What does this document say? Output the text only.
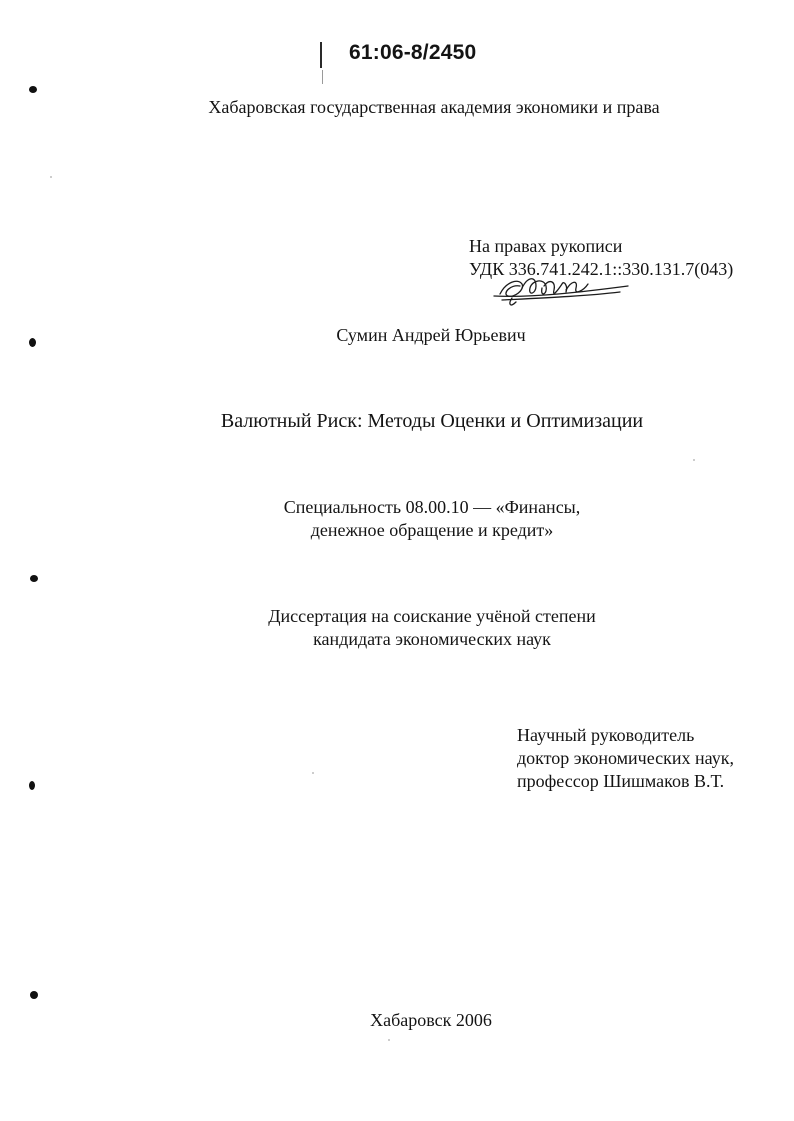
61:06-8/2450
Хабаровская государственная академия экономики и права
На правах рукописи
УДК 336.741.242.1::330.131.7(043)
Сумин Андрей Юрьевич
Валютный Риск: Методы Оценки и Оптимизации
Специальность 08.00.10 — «Финансы,
денежное обращение и кредит»
Диссертация на соискание учёной степени
кандидата экономических наук
Научный руководитель
доктор экономических наук,
профессор Шишмаков В.Т.
Хабаровск 2006
